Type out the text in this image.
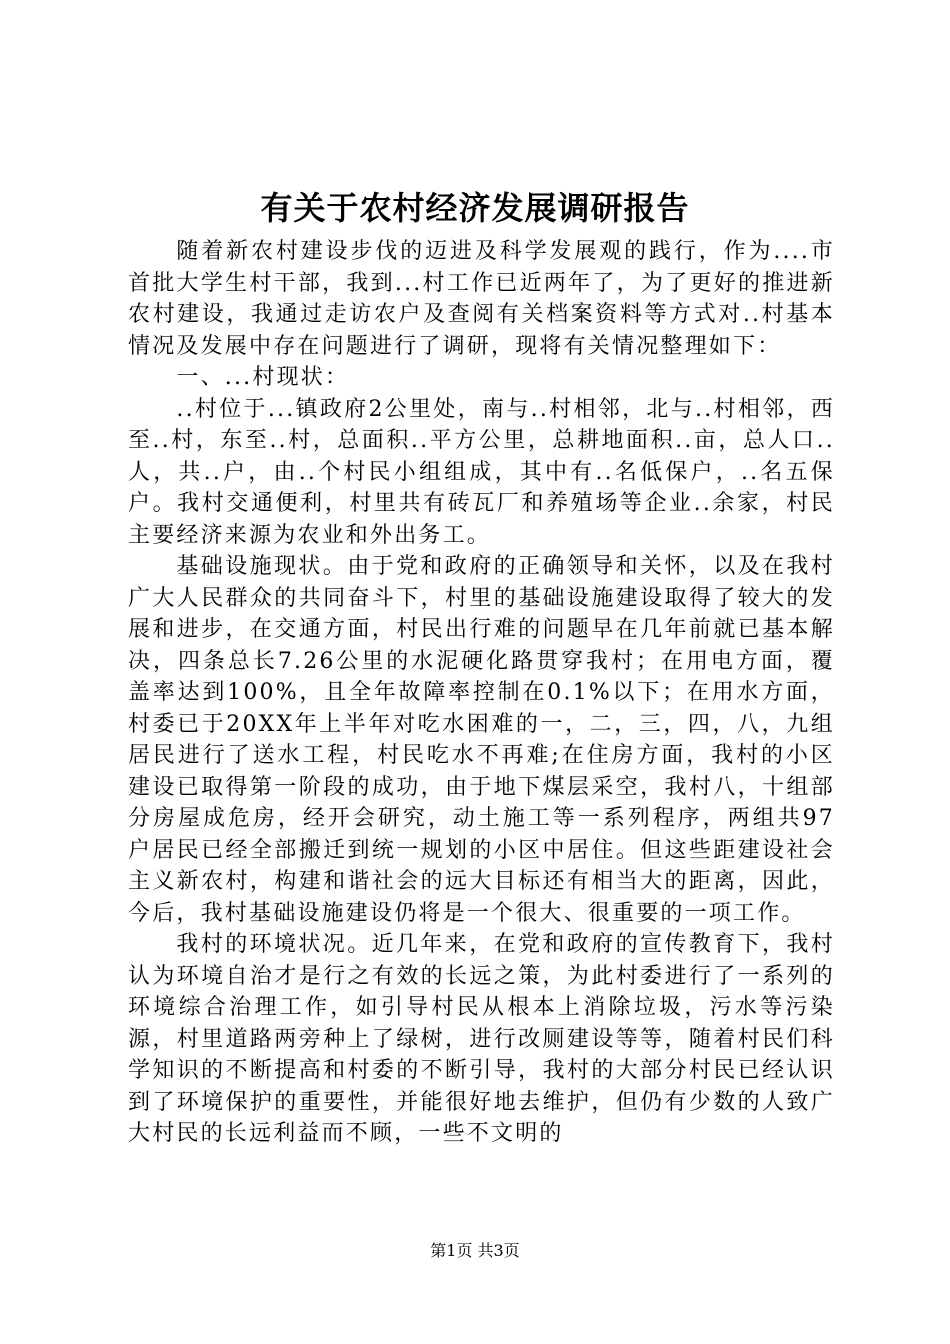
有关于农村经济发展调研报告

随着新农村建设步伐的迈进及科学发展观的践行，作为....市首批大学生村干部，我到...村工作已近两年了，为了更好的推进新农村建设，我通过走访农户及查阅有关档案资料等方式对..村基本情况及发展中存在问题进行了调研，现将有关情况整理如下：

一、...村现状：

..村位于...镇政府2公里处，南与..村相邻，北与..村相邻，西至..村，东至..村，总面积..平方公里，总耕地面积..亩，总人口..人，共..户，由..个村民小组组成，其中有..名低保户，..名五保户。我村交通便利，村里共有砖瓦厂和养殖场等企业..余家，村民主要经济来源为农业和外出务工。

基础设施现状。由于党和政府的正确领导和关怀，以及在我村广大人民群众的共同奋斗下，村里的基础设施建设取得了较大的发展和进步，在交通方面，村民出行难的问题早在几年前就已基本解决，四条总长7.26公里的水泥硬化路贯穿我村；在用电方面，覆盖率达到100%，且全年故障率控制在0.1%以下；在用水方面，村委已于20XX年上半年对吃水困难的一，二，三，四，八，九组居民进行了送水工程，村民吃水不再难;在住房方面，我村的小区建设已取得第一阶段的成功，由于地下煤层采空，我村八，十组部分房屋成危房，经开会研究，动土施工等一系列程序，两组共97户居民已经全部搬迁到统一规划的小区中居住。但这些距建设社会主义新农村，构建和谐社会的远大目标还有相当大的距离，因此，今后，我村基础设施建设仍将是一个很大、很重要的一项工作。

我村的环境状况。近几年来，在党和政府的宣传教育下，我村认为环境自治才是行之有效的长远之策，为此村委进行了一系列的环境综合治理工作，如引导村民从根本上消除垃圾，污水等污染源，村里道路两旁种上了绿树，进行改厕建设等等，随着村民们科学知识的不断提高和村委的不断引导，我村的大部分村民已经认识到了环境保护的重要性，并能很好地去维护，但仍有少数的人致广大村民的长远利益而不顾，一些不文明的

第1页 共3页
